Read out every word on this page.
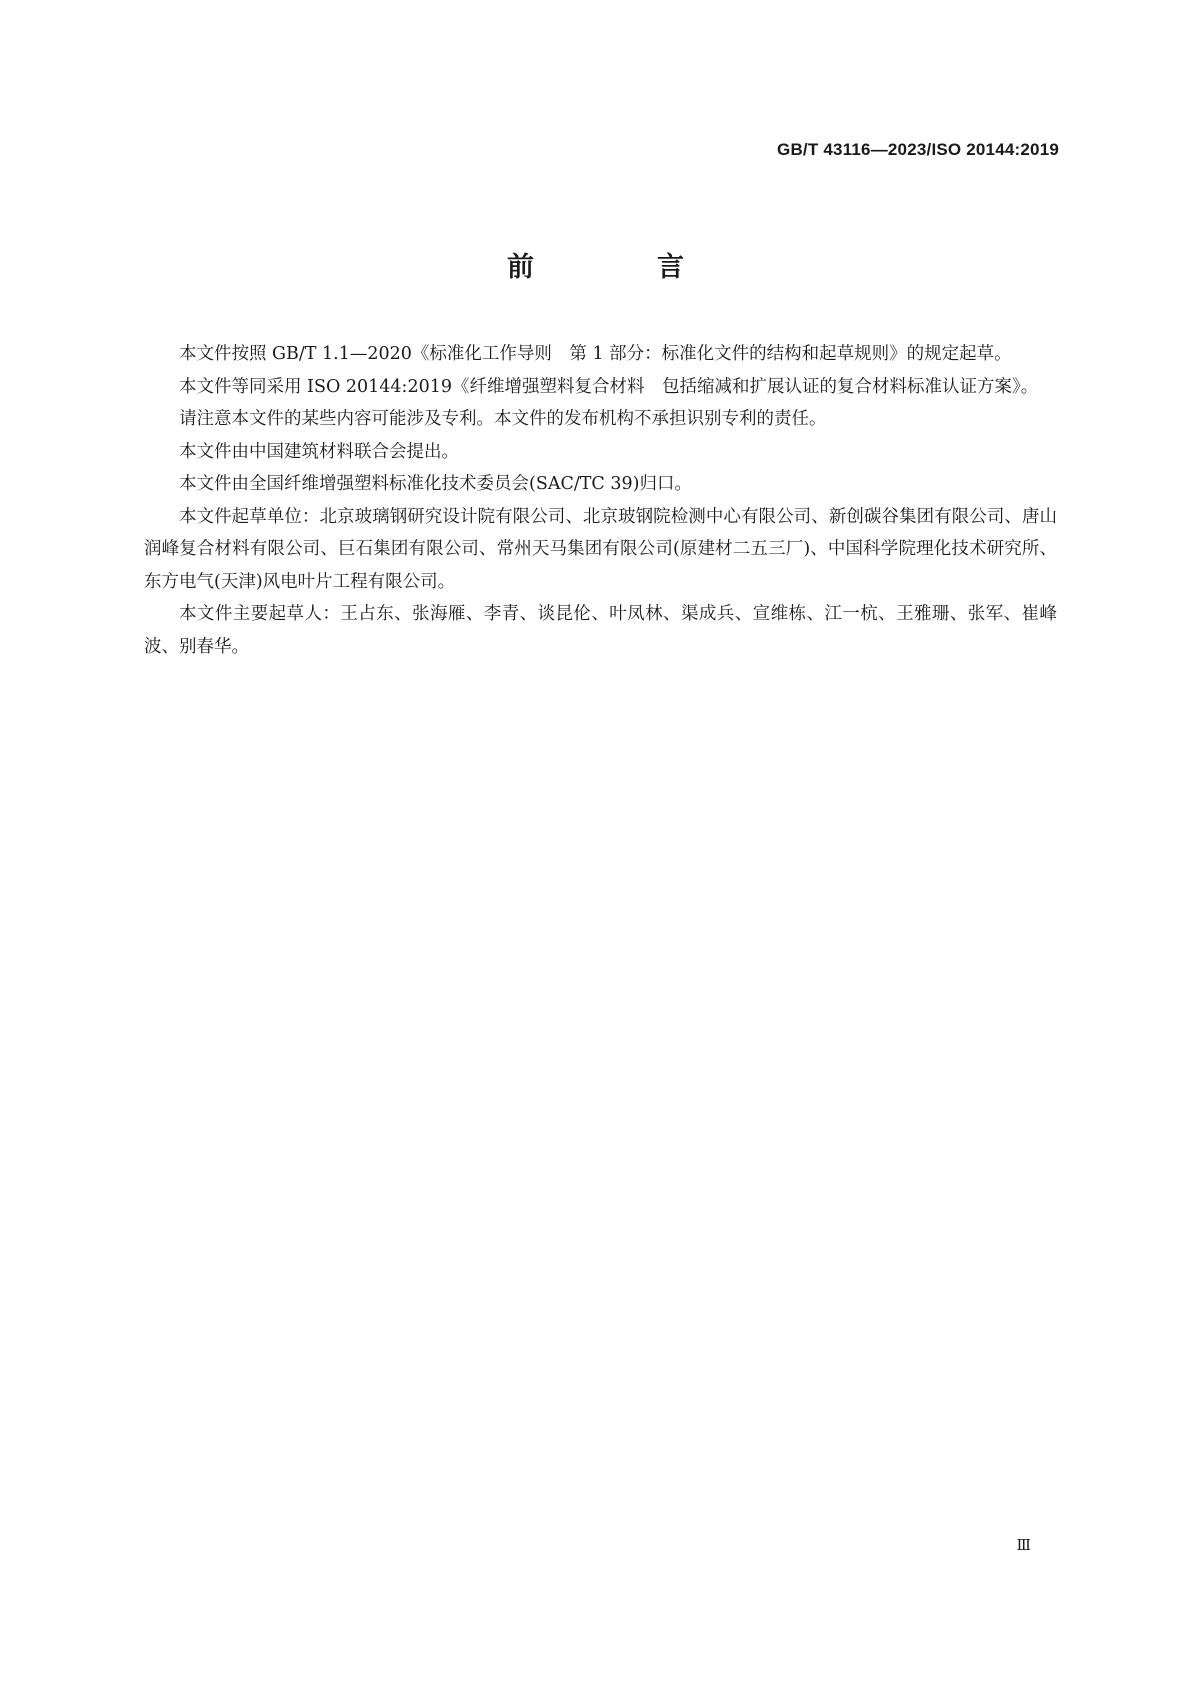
GB/T 43116—2023/ISO 20144:2019
前　言

本文件按照 GB/T 1.1—2020《标准化工作导则　第 1 部分：标准化文件的结构和起草规则》的规定起草。

本文件等同采用 ISO 20144:2019《纤维增强塑料复合材料　包括缩减和扩展认证的复合材料标准认证方案》。

请注意本文件的某些内容可能涉及专利。本文件的发布机构不承担识别专利的责任。

本文件由中国建筑材料联合会提出。

本文件由全国纤维增强塑料标准化技术委员会(SAC/TC 39)归口。

本文件起草单位：北京玻璃钢研究设计院有限公司、北京玻钢院检测中心有限公司、新创碳谷集团有限公司、唐山润峰复合材料有限公司、巨石集团有限公司、常州天马集团有限公司(原建材二五三厂)、中国科学院理化技术研究所、东方电气(天津)风电叶片工程有限公司。

本文件主要起草人：王占东、张海雁、李青、谈昆伦、叶凤林、渠成兵、宣维栋、江一杭、王雅珊、张军、崔峰波、别春华。

Ⅲ
